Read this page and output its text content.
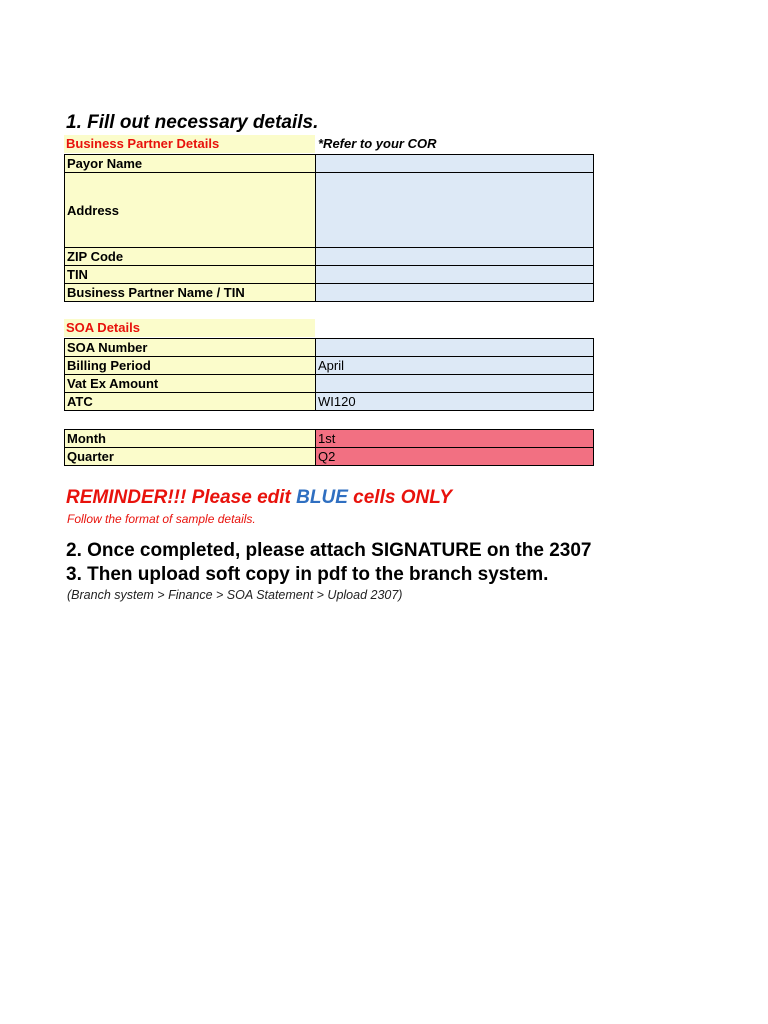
1. Fill out necessary details.
Business Partner Details	*Refer to your COR
Payor Name	
Address	
ZIP Code	
TIN	
Business Partner Name / TIN	
SOA Details
SOA Number	
Billing Period	April
Vat Ex Amount	
ATC	WI120
Month	1st
Quarter	Q2
REMINDER!!! Please edit BLUE cells ONLY
Follow the format of sample details.
2. Once completed, please attach SIGNATURE on the 2307
3. Then upload soft copy in pdf to the branch system.
(Branch system > Finance > SOA Statement > Upload 2307)
